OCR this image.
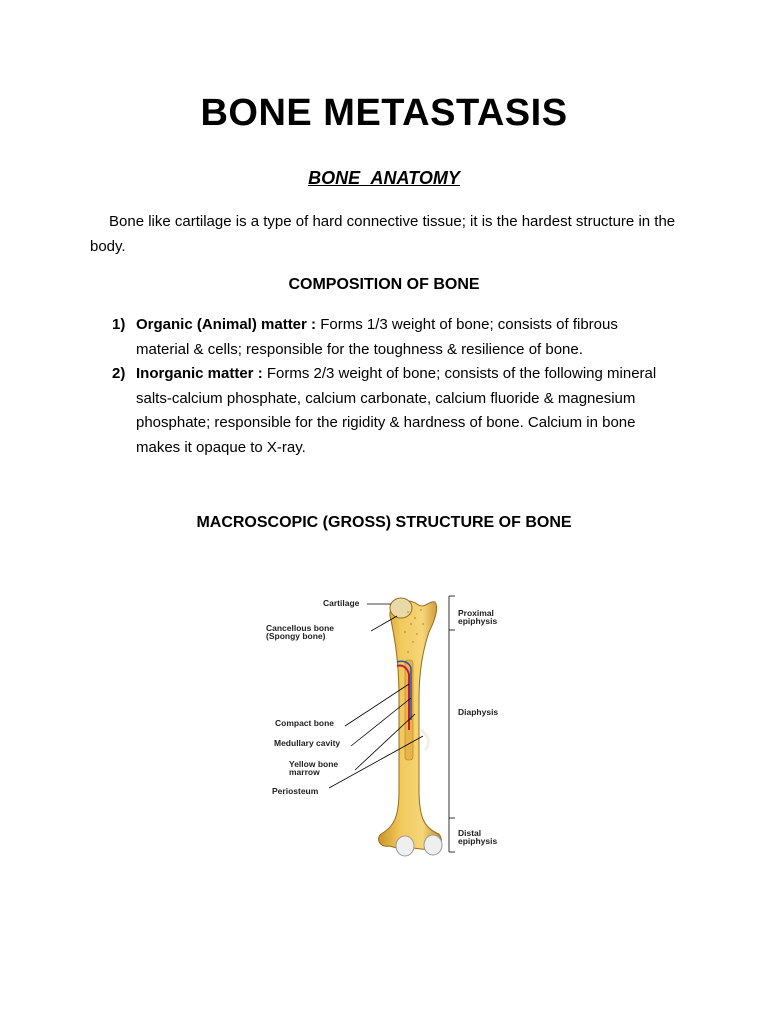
BONE METASTASIS
BONE ANATOMY
Bone like cartilage is a type of hard connective tissue; it is the hardest structure in the body.
COMPOSITION OF BONE
1) Organic (Animal) matter : Forms 1/3 weight of bone; consists of fibrous material & cells; responsible for the toughness & resilience of bone.
2) Inorganic matter : Forms 2/3 weight of bone; consists of the following mineral salts-calcium phosphate, calcium carbonate, calcium fluoride & magnesium phosphate; responsible for the rigidity & hardness of bone. Calcium in bone makes it opaque to X-ray.
MACROSCOPIC (GROSS) STRUCTURE OF BONE
Cartilage
Cancellous bone
(Spongy bone)
Compact bone
Medullary cavity
Yellow bone
marrow
Periosteum
Proximal
epiphysis
Diaphysis
Distal
epiphysis
